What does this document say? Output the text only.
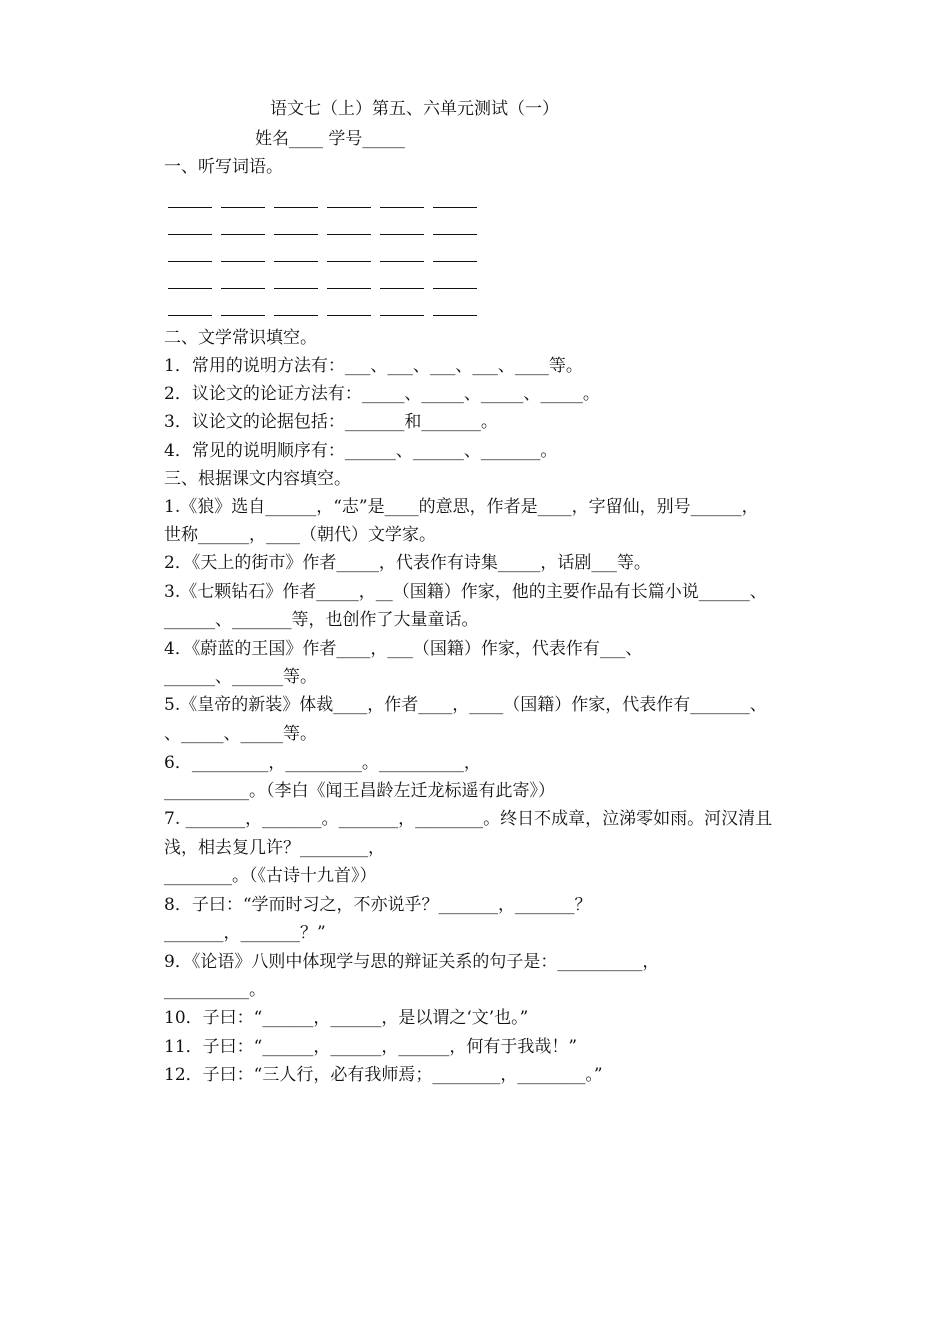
语文七（上）第五、六单元测试（一）
姓名____ 学号_____
一、听写词语。
二、文学常识填空。
1．常用的说明方法有：___、___、___、___、____等。
2．议论文的论证方法有：_____、_____、_____、_____。
3．议论文的论据包括：_______和_______。
4．常见的说明顺序有：______、______、_______。
三、根据课文内容填空。
1.《狼》选自______，“志”是____的意思，作者是____，字留仙，别号______，
世称______，____（朝代）文学家。
2．《天上的街市》作者_____，代表作有诗集_____，话剧___等。
3.《七颗钻石》作者_____，__（国籍）作家，他的主要作品有长篇小说______、
______、_______等，也创作了大量童话。
4．《蔚蓝的王国》作者____，___（国籍）作家，代表作有___、
______、______等。
5.《皇帝的新装》体裁____，作者____，____（国籍）作家，代表作有_______、
、_____、_____等。
6．_________，_________。__________，
__________。（李白《闻王昌龄左迁龙标遥有此寄》）
7. _______，_______。_______，________。终日不成章，泣涕零如雨。河汉清且
浅，相去复几许？________，
________。（《古诗十九首》）
8．子曰：“学而时习之，不亦说乎？_______，_______？
_______，_______？”
9．《论语》八则中体现学与思的辩证关系的句子是：__________，
__________。
10．子曰：“______，______，是以谓之‘文’也。”
11．子曰：“______，______，______，何有于我哉！”
12．子曰：“三人行，必有我师焉；________，________。”
